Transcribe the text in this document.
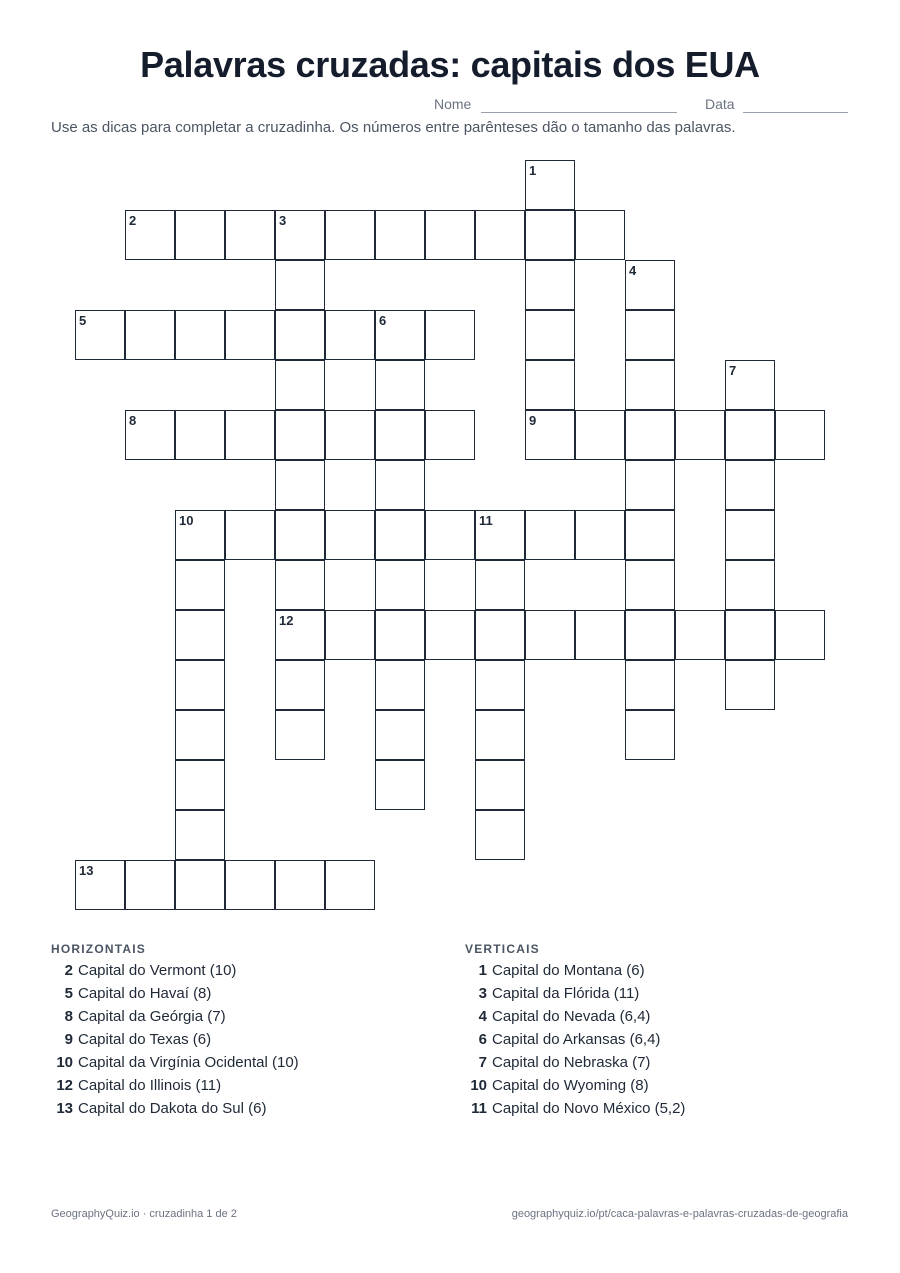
Palavras cruzadas: capitais dos EUA
Nome	Data
Use as dicas para completar a cruzadinha. Os números entre parênteses dão o tamanho das palavras.
1
9
2	3
12
4
5	6
7
8
10	11
13
HORIZONTAIS
2 Capital do Vermont (10)
5 Capital do Havaí (8)
8 Capital da Geórgia (7)
9 Capital do Texas (6)
10 Capital da Virgínia Ocidental (10)
12 Capital do Illinois (11)
13 Capital do Dakota do Sul (6)
VERTICAIS
1 Capital do Montana (6)
3 Capital da Flórida (11)
4 Capital do Nevada (6,4)
6 Capital do Arkansas (6,4)
7 Capital do Nebraska (7)
10 Capital do Wyoming (8)
11 Capital do Novo México (5,2)
GeographyQuiz.io · cruzadinha 1 de 2	geographyquiz.io/pt/caca-palavras-e-palavras-cruzadas-de-geografia
